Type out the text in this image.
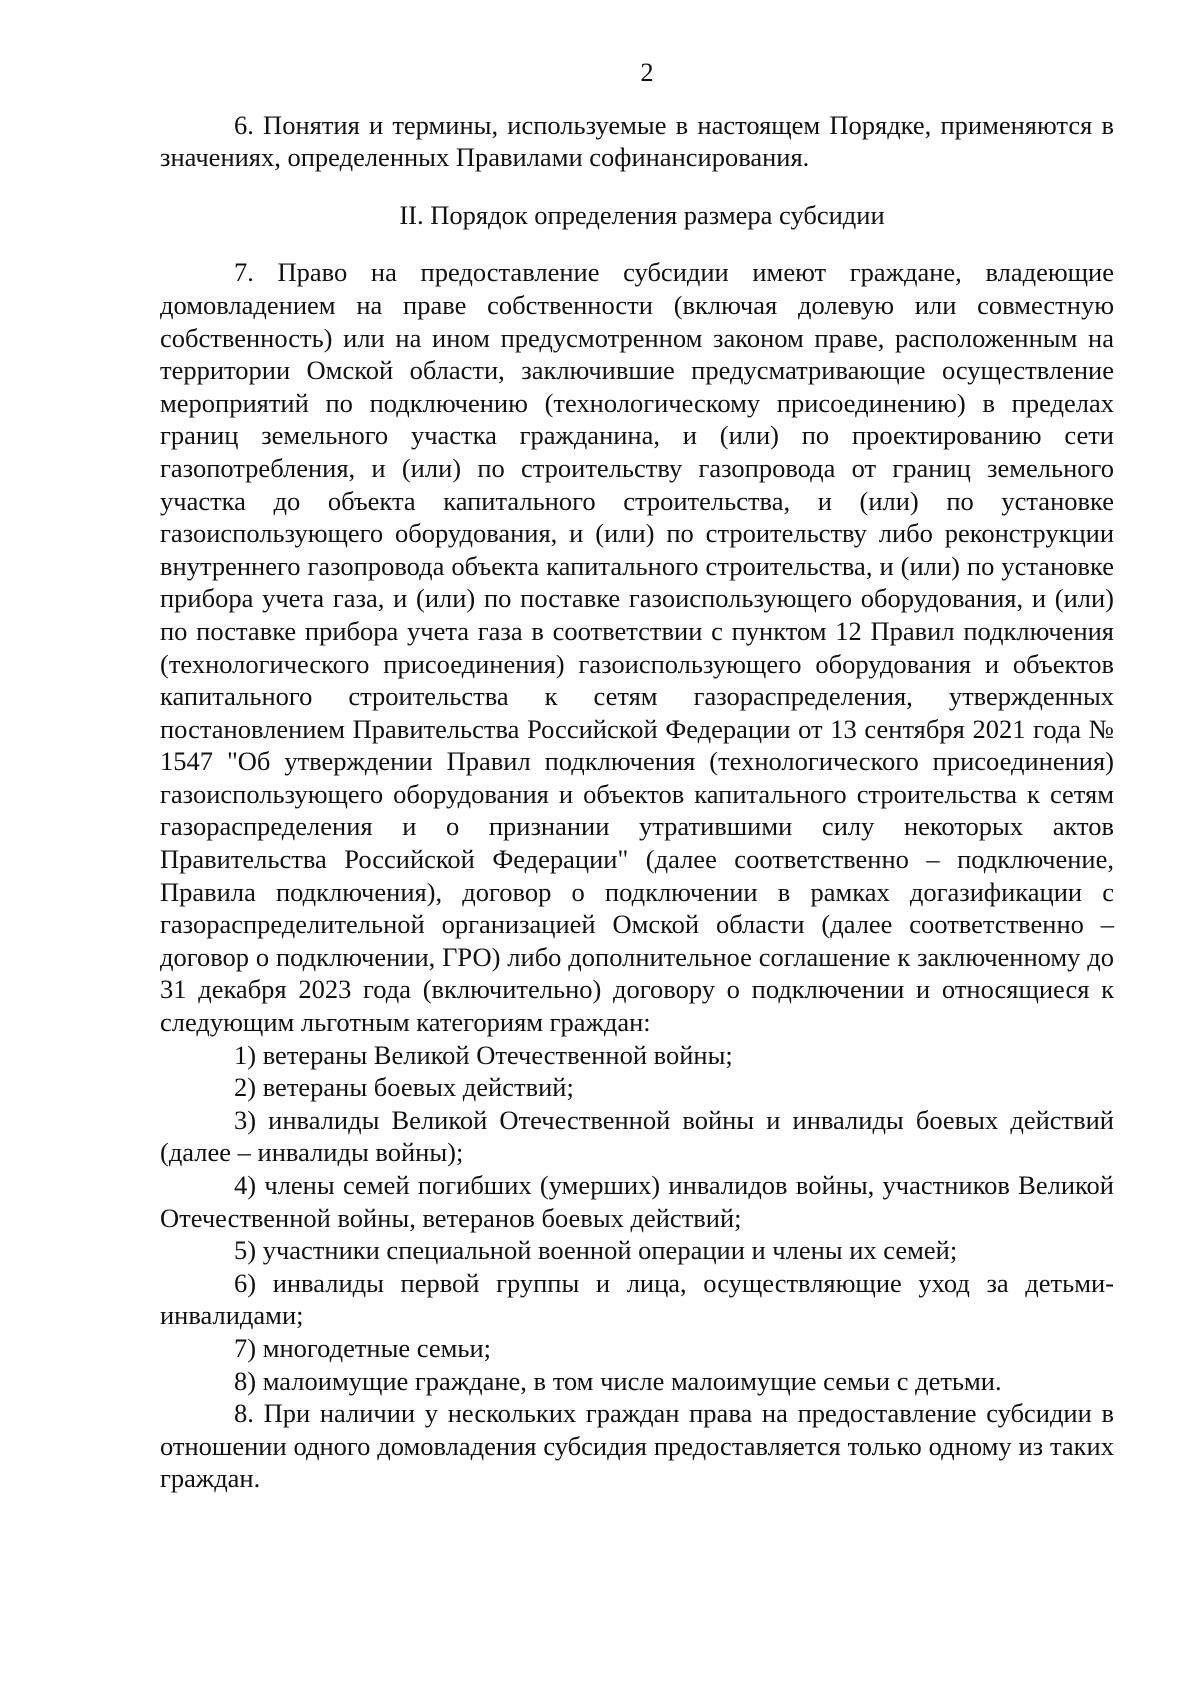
2

6. Понятия и термины, используемые в настоящем Порядке, применяются в значениях, определенных Правилами софинансирования.

II. Порядок определения размера субсидии

7. Право на предоставление субсидии имеют граждане, владеющие домовладением на праве собственности (включая долевую или совместную собственность) или на ином предусмотренном законом праве, расположенным на территории Омской области, заключившие предусматривающие осуществление мероприятий по подключению (технологическому присоединению) в пределах границ земельного участка гражданина, и (или) по проектированию сети газопотребления, и (или) по строительству газопровода от границ земельного участка до объекта капитального строительства, и (или) по установке газоиспользующего оборудования, и (или) по строительству либо реконструкции внутреннего газопровода объекта капитального строительства, и (или) по установке прибора учета газа, и (или) по поставке газоиспользующего оборудования, и (или) по поставке прибора учета газа в соответствии с пунктом 12 Правил подключения (технологического присоединения) газоиспользующего оборудования и объектов капитального строительства к сетям газораспределения, утвержденных постановлением Правительства Российской Федерации от 13 сентября 2021 года № 1547 "Об утверждении Правил подключения (технологического присоединения) газоиспользующего оборудования и объектов капитального строительства к сетям газораспределения и о признании утратившими силу некоторых актов Правительства Российской Федерации" (далее соответственно – подключение, Правила подключения), договор о подключении в рамках догазификации с газораспределительной организацией Омской области (далее соответственно – договор о подключении, ГРО) либо дополнительное соглашение к заключенному до 31 декабря 2023 года (включительно) договору о подключении и относящиеся к следующим льготным категориям граждан:

1) ветераны Великой Отечественной войны;

2) ветераны боевых действий;

3) инвалиды Великой Отечественной войны и инвалиды боевых действий (далее – инвалиды войны);

4) члены семей погибших (умерших) инвалидов войны, участников Великой Отечественной войны, ветеранов боевых действий;

5) участники специальной военной операции и члены их семей;

6) инвалиды первой группы и лица, осуществляющие уход за детьми-инвалидами;

7) многодетные семьи;

8) малоимущие граждане, в том числе малоимущие семьи с детьми.

8. При наличии у нескольких граждан права на предоставление субсидии в отношении одного домовладения субсидия предоставляется только одному из таких граждан.
